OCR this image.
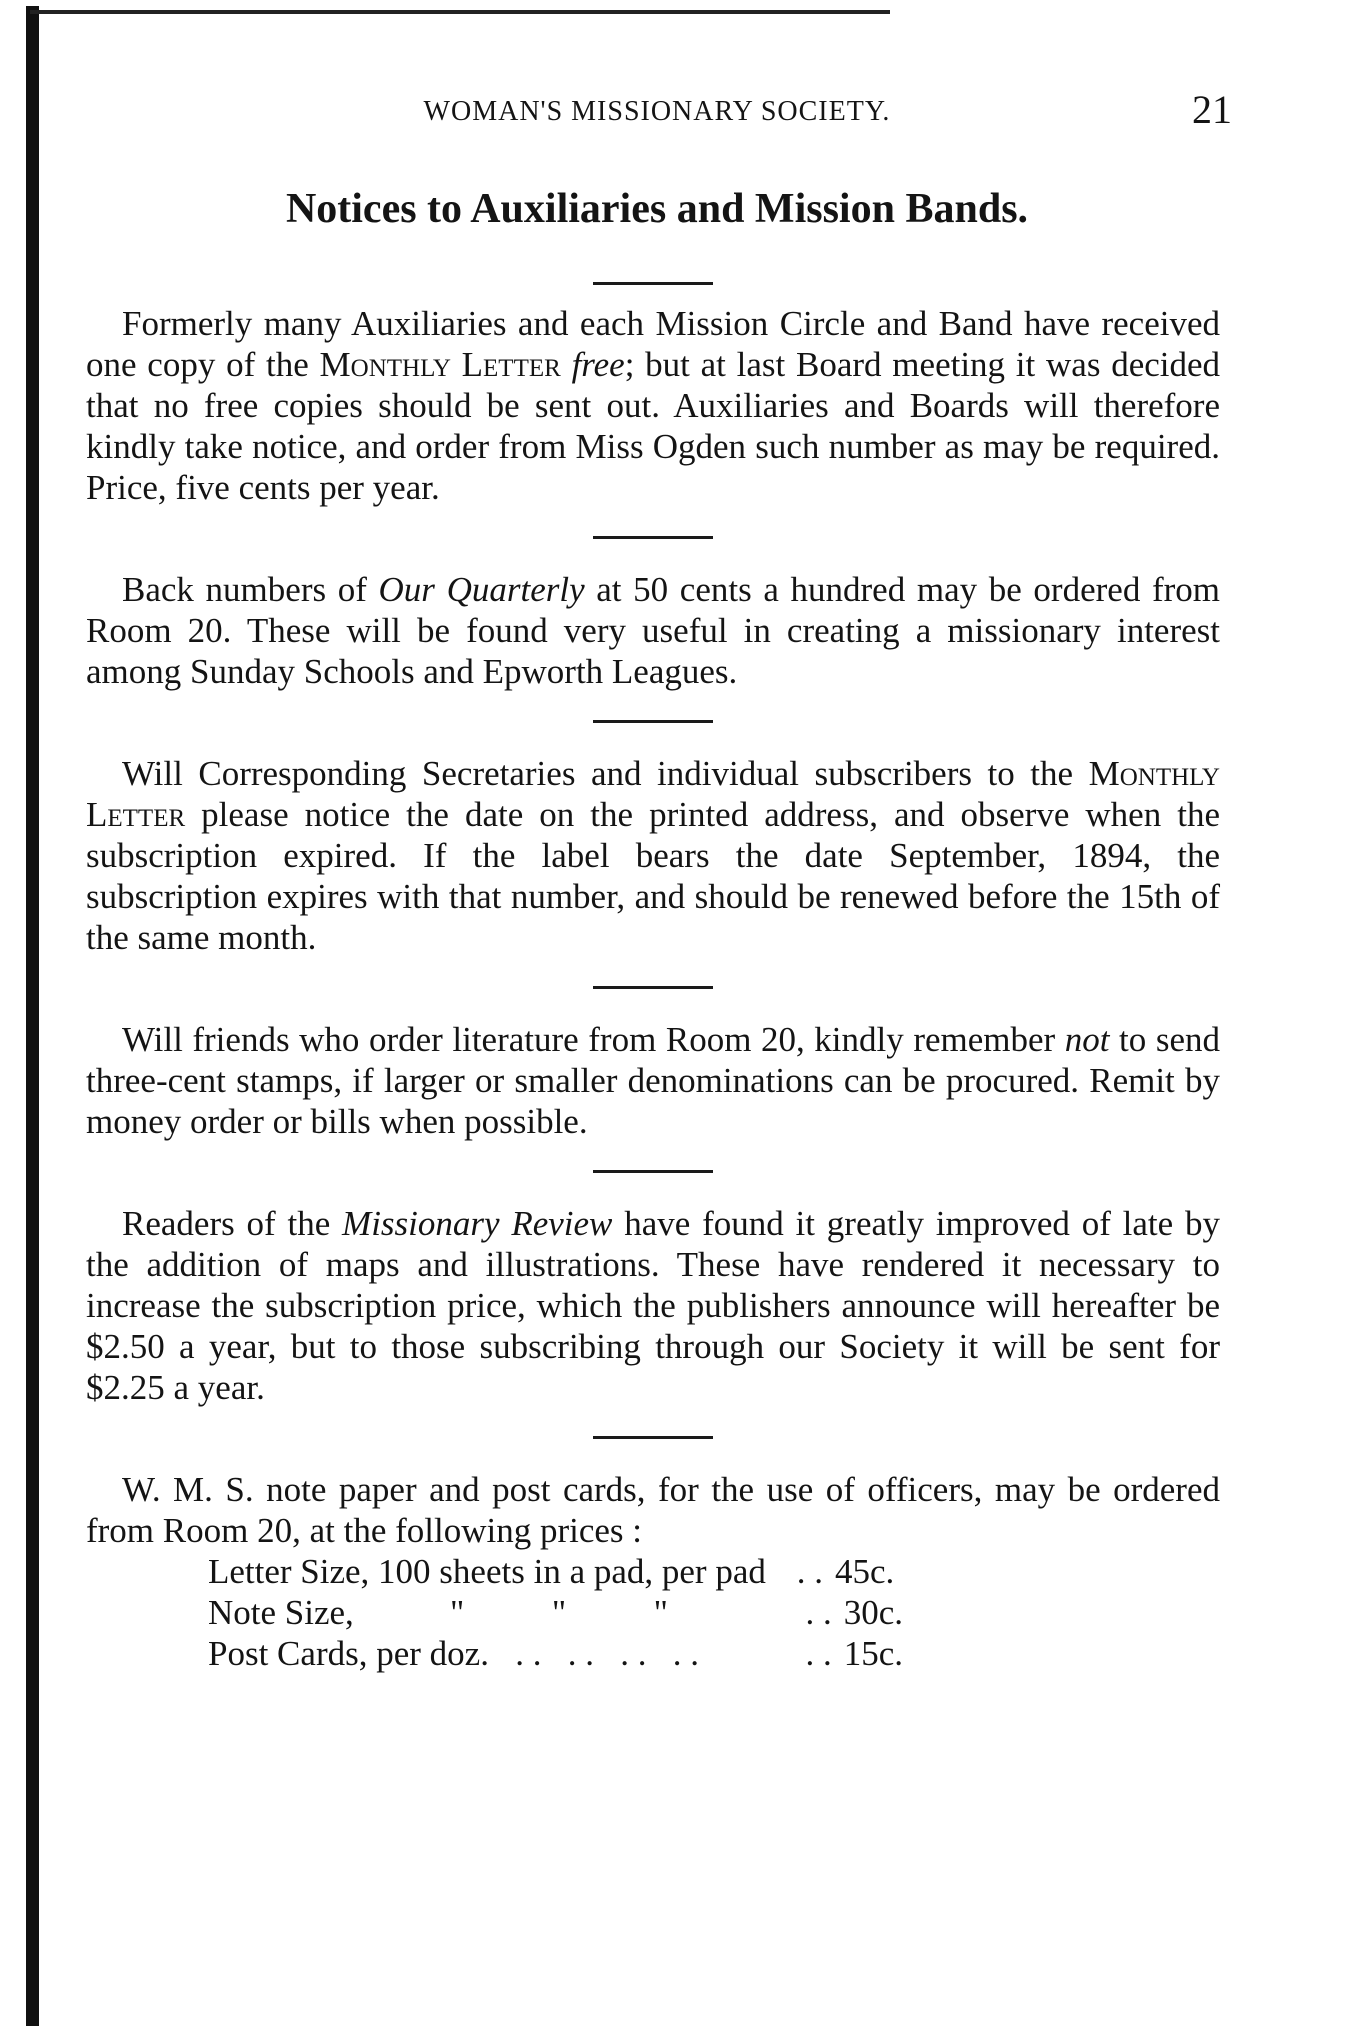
WOMAN'S MISSIONARY SOCIETY.	21
Notices to Auxiliaries and Mission Bands.

Formerly many Auxiliaries and each Mission Circle and Band have received one copy of the Monthly Letter free; but at last Board meeting it was decided that no free copies should be sent out. Auxiliaries and Boards will therefore kindly take notice, and order from Miss Ogden such number as may be required. Price, five cents per year.

Back numbers of Our Quarterly at 50 cents a hundred may be ordered from Room 20. These will be found very useful in creating a missionary interest among Sunday Schools and Epworth Leagues.

Will Corresponding Secretaries and individual subscribers to the Monthly Letter please notice the date on the printed address, and observe when the subscription expired. If the label bears the date September, 1894, the subscription expires with that number, and should be renewed before the 15th of the same month.

Will friends who order literature from Room 20, kindly remember not to send three-cent stamps, if larger or smaller denominations can be procured. Remit by money order or bills when possible.

Readers of the Missionary Review have found it greatly improved of late by the addition of maps and illustrations. These have rendered it necessary to increase the subscription price, which the publishers announce will hereafter be $2.50 a year, but to those subscribing through our Society it will be sent for $2.25 a year.

W. M. S. note paper and post cards, for the use of officers, may be ordered from Room 20, at the following prices :

Letter Size, 100 sheets in a pad, per pad . . 45c.
Note Size,           "          "          "	. . 30c.
Post Cards, per doz.   . .   . .   . .   . .	. . 15c.
